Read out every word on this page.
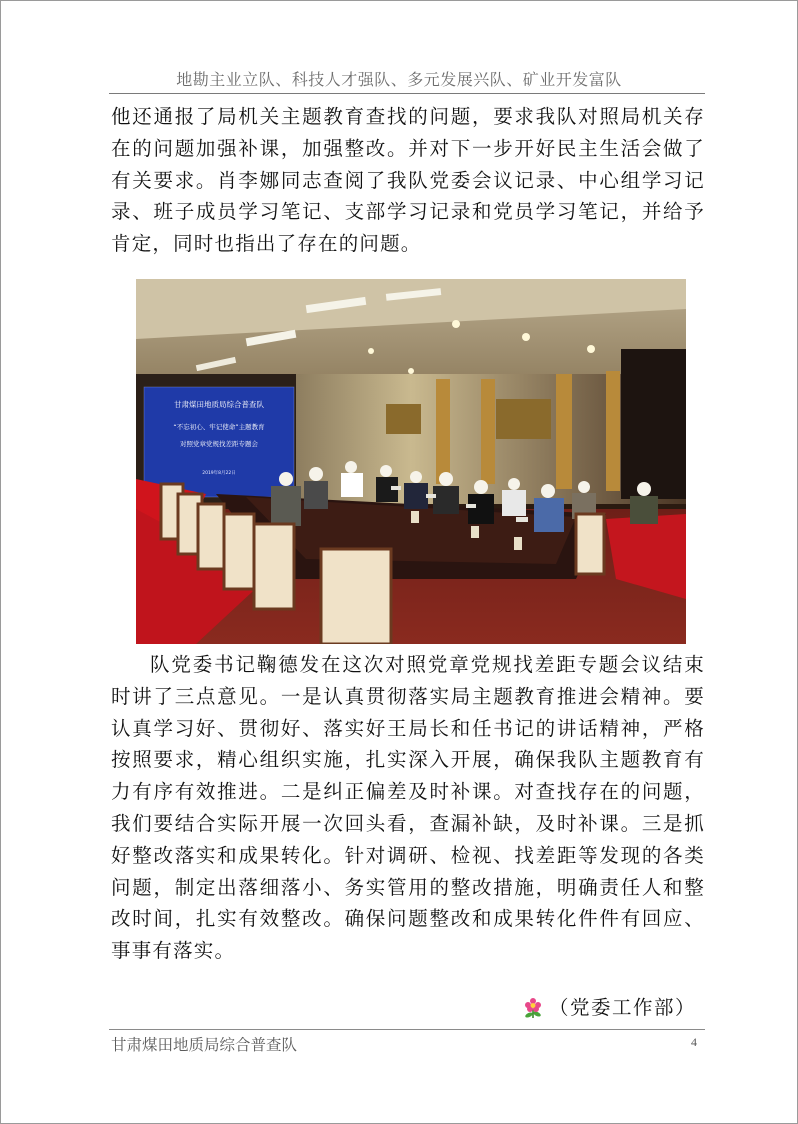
地勘主业立队、科技人才强队、多元发展兴队、矿业开发富队

他还通报了局机关主题教育查找的问题，要求我队对照局机关存在的问题加强补课，加强整改。并对下一步开好民主生活会做了有关要求。肖李娜同志查阅了我队党委会议记录、中心组学习记录、班子成员学习笔记、支部学习记录和党员学习笔记，并给予肯定，同时也指出了存在的问题。

甘肃煤田地质局综合普查队
“不忘初心、牢记使命”主题教育
对照党章党规找差距专题会
2019年8月22日

队党委书记鞠德发在这次对照党章党规找差距专题会议结束时讲了三点意见。一是认真贯彻落实局主题教育推进会精神。要认真学习好、贯彻好、落实好王局长和任书记的讲话精神，严格按照要求，精心组织实施，扎实深入开展，确保我队主题教育有力有序有效推进。二是纠正偏差及时补课。对查找存在的问题，我们要结合实际开展一次回头看，查漏补缺，及时补课。三是抓好整改落实和成果转化。针对调研、检视、找差距等发现的各类问题，制定出落细落小、务实管用的整改措施，明确责任人和整改时间，扎实有效整改。确保问题整改和成果转化件件有回应、事事有落实。

（党委工作部）
甘肃煤田地质局综合普查队	4
